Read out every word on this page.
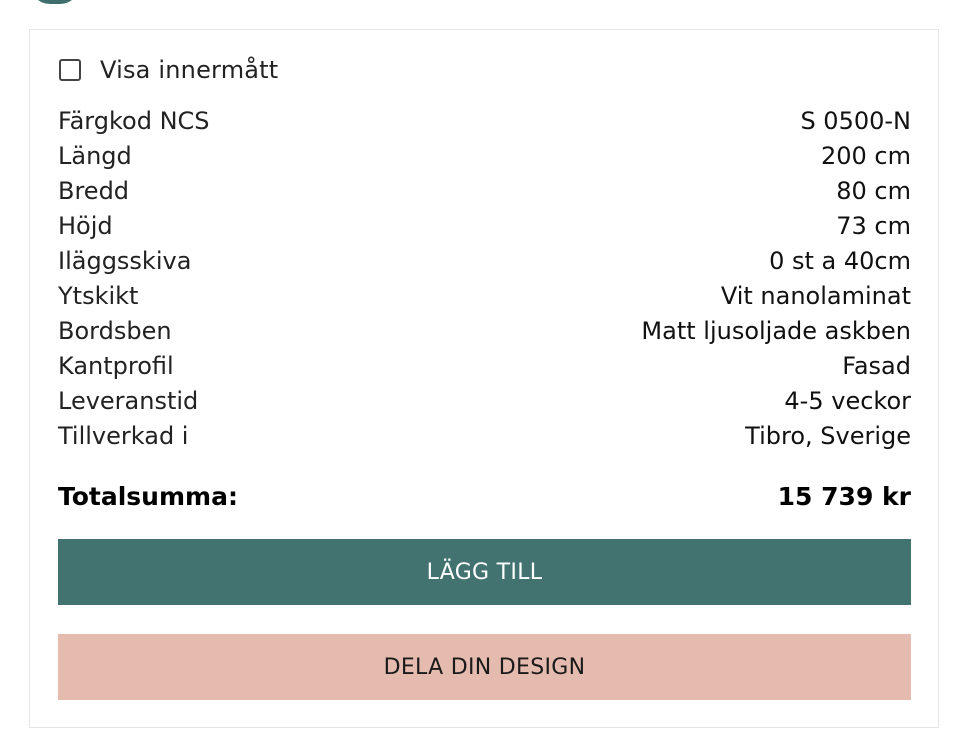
Visa innermått
Färgkod NCS	S 0500-N
Längd	200 cm
Bredd	80 cm
Höjd	73 cm
Iläggsskiva	0 st a 40cm
Ytskikt	Vit nanolaminat
Bordsben	Matt ljusoljade askben
Kantprofil	Fasad
Leveranstid	4-5 veckor
Tillverkad i	Tibro, Sverige
Totalsumma:	15 739 kr
LÄGG TILL
DELA DIN DESIGN
